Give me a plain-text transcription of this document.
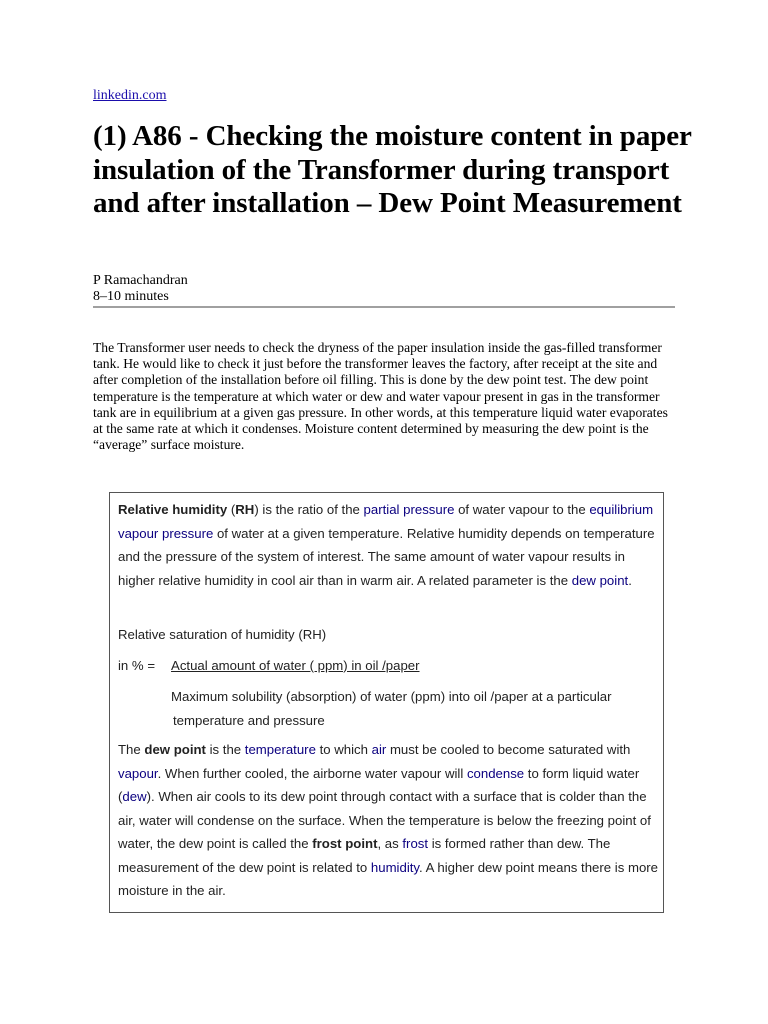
linkedin.com
(1) A86 - Checking the moisture content in paper insulation of the Transformer during transport and after installation – Dew Point Measurement
P Ramachandran
8–10 minutes

The Transformer user needs to check the dryness of the paper insulation inside the gas-filled transformer tank. He would like to check it just before the transformer leaves the factory, after receipt at the site and after completion of the installation before oil filling. This is done by the dew point test. The dew point temperature is the temperature at which water or dew and water vapour present in gas in the transformer tank are in equilibrium at a given gas pressure. In other words, at this temperature liquid water evaporates at the same rate at which it condenses. Moisture content determined by measuring the dew point is the “average” surface moisture.

Relative humidity (RH) is the ratio of the partial pressure of water vapour to the equilibrium vapour pressure of water at a given temperature. Relative humidity depends on temperature and the pressure of the system of interest. The same amount of water vapour results in higher relative humidity in cool air than in warm air. A related parameter is the dew point.

Relative saturation of humidity (RH)

in % = Actual amount of water ( ppm) in oil /paper

Maximum solubility (absorption) of water (ppm) into oil /paper at a particular
temperature and pressure

The dew point is the temperature to which air must be cooled to become saturated with vapour. When further cooled, the airborne water vapour will condense to form liquid water (dew). When air cools to its dew point through contact with a surface that is colder than the air, water will condense on the surface. When the temperature is below the freezing point of water, the dew point is called the frost point, as frost is formed rather than dew. The measurement of the dew point is related to humidity. A higher dew point means there is more moisture in the air.
